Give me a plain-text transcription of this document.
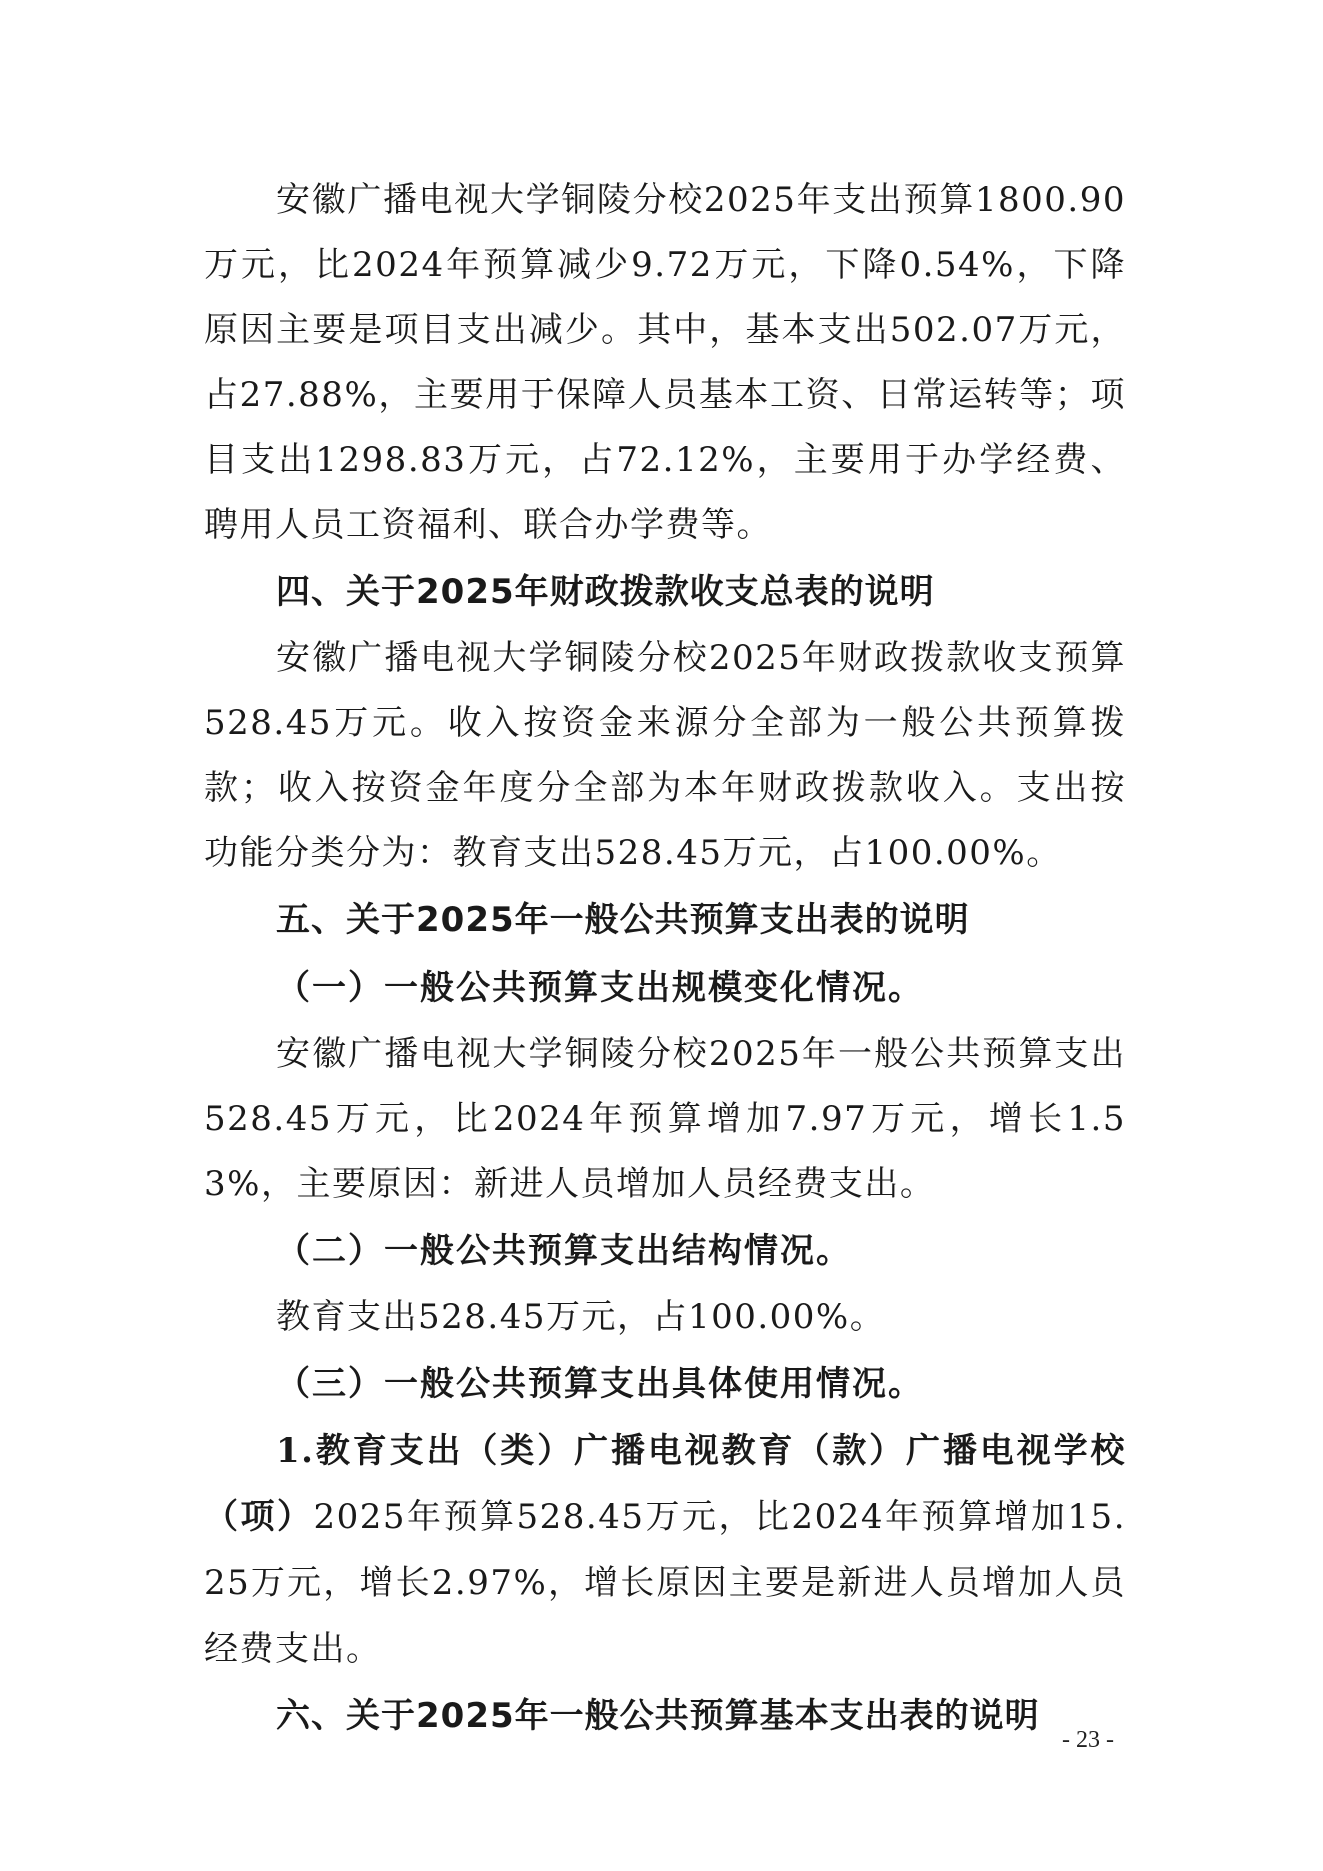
安徽广播电视大学铜陵分校2025年支出预算1800.90万元，比2024年预算减少9.72万元，下降0.54%，下降原因主要是项目支出减少。其中，基本支出502.07万元，占27.88%，主要用于保障人员基本工资、日常运转等；项目支出1298.83万元，占72.12%，主要用于办学经费、聘用人员工资福利、联合办学费等。

四、关于2025年财政拨款收支总表的说明

安徽广播电视大学铜陵分校2025年财政拨款收支预算528.45万元。收入按资金来源分全部为一般公共预算拨款；收入按资金年度分全部为本年财政拨款收入。支出按功能分类分为：教育支出528.45万元，占100.00%。

五、关于2025年一般公共预算支出表的说明

（一）一般公共预算支出规模变化情况。

安徽广播电视大学铜陵分校2025年一般公共预算支出528.45万元，比2024年预算增加7.97万元，增长1.53%，主要原因：新进人员增加人员经费支出。

（二）一般公共预算支出结构情况。

教育支出528.45万元，占100.00%。

（三）一般公共预算支出具体使用情况。

1.教育支出（类）广播电视教育（款）广播电视学校（项）2025年预算528.45万元，比2024年预算增加15.25万元，增长2.97%，增长原因主要是新进人员增加人员经费支出。

六、关于2025年一般公共预算基本支出表的说明

- 23 -
